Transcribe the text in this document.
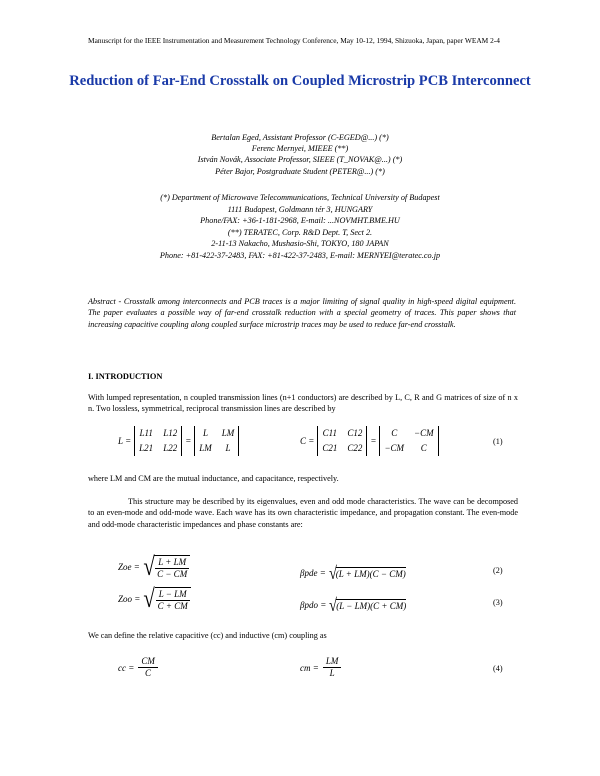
Manuscript for the IEEE Instrumentation and Measurement Technology Conference, May 10-12, 1994, Shizuoka, Japan, paper WEAM 2-4
Reduction of Far-End Crosstalk on Coupled Microstrip PCB Interconnect
Bertalan Eged, Assistant Professor (C-EGED@...) (*)
Ferenc Mernyei, MIEEE (**)
István Novák, Associate Professor, SIEEE (T_NOVAK@...) (*)
Péter Bajor, Postgraduate Student (PETER@...) (*)
(*) Department of Microwave Telecommunications, Technical University of Budapest
1111 Budapest, Goldmann tér 3, HUNGARY
Phone/FAX: +36-1-181-2968, E-mail: ...NOVMHT.BME.HU
(**) TERATEC, Corp. R&D Dept. T, Sect 2.
2-11-13 Nakacho, Mushasio-Shi, TOKYO, 180 JAPAN
Phone: +81-422-37-2483, FAX: +81-422-37-2483, E-mail: MERNYEI@teratec.co.jp
Abstract - Crosstalk among interconnects and PCB traces is a major limiting of signal quality in high-speed digital equipment. The paper evaluates a possible way of far-end crosstalk reduction with a special geometry of traces. This paper shows that increasing capacitive coupling along coupled surface microstrip traces may be used to reduce far-end crosstalk.
I. INTRODUCTION
With lumped representation, n coupled transmission lines (n+1 conductors) are described by L, C, R and G matrices of size of n x n. Two lossless, symmetrical, reciprocal transmission lines are described by
L =
L11 L12
L21 L22
=
L	LM
LM	L
C =
C11 C12
C21 C22
=
C	−CM
−CM	C
(1)
where LM and CM are the mutual inductance, and capacitance, respectively.
This structure may be described by its eigenvalues, even and odd mode characteristics. The wave can be decomposed to an even-mode and odd-mode wave. Each wave has its own characteristic impedance, and propagation constant. The even-mode and odd-mode characteristic impedances and phase constants are:
Zoe = √ $\frac{L + LM}{C - CM}$	βpde = √
(L + LM)(C − CM)	(2)
Zoo = √ $\frac{L - LM}{C + CM}$	βpdo = √
(L − LM)(C + CM)	(3)
We can define the relative capacitive (cc) and inductive (cm) coupling as
cc = $\frac{CM}{C}$	cm = $\frac{LM}{L}$	(4)
